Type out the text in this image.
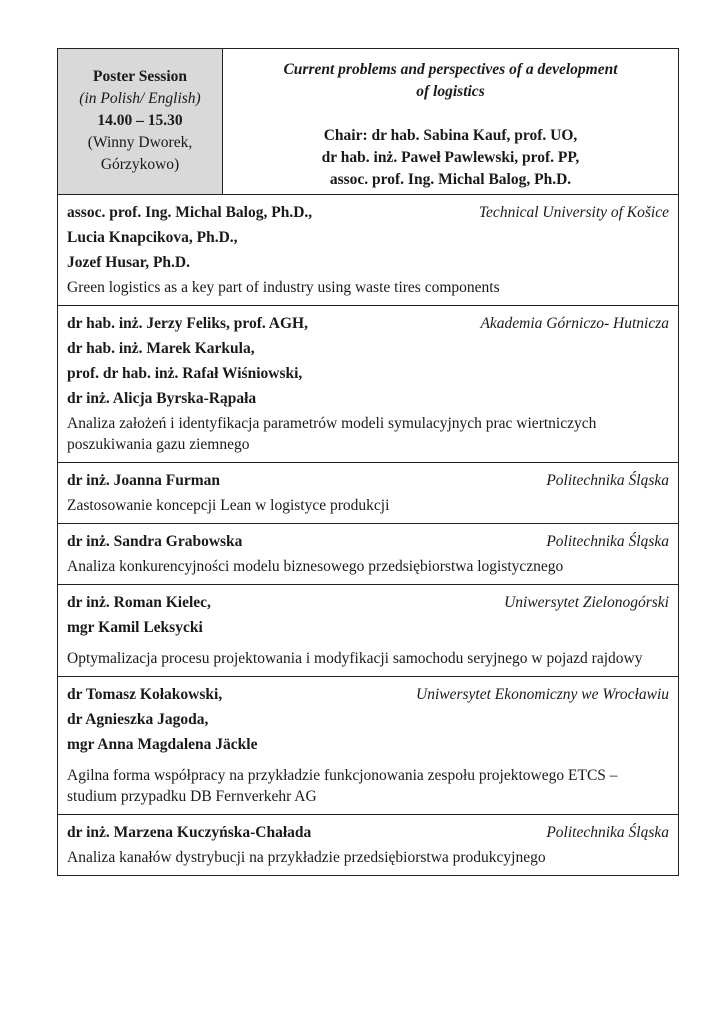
Poster Session
(in Polish/ English)
14.00 – 15.30
(Winny Dworek,
Górzykowo)
Current problems and perspectives of a development
of logistics
Chair: dr hab. Sabina Kauf, prof. UO,
dr hab. inż. Paweł Pawlewski, prof. PP,
assoc. prof. Ing. Michal Balog, Ph.D.
assoc. prof. Ing. Michal Balog, Ph.D.,	Technical University of Košice
Lucia Knapcikova, Ph.D.,
Jozef Husar, Ph.D.
Green logistics as a key part of industry using waste tires components
dr hab. inż. Jerzy Feliks, prof. AGH,	Akademia Górniczo- Hutnicza
dr hab. inż. Marek Karkula,
prof. dr hab. inż. Rafał Wiśniowski,
dr inż. Alicja Byrska-Rąpała
Analiza założeń i identyfikacja parametrów modeli symulacyjnych prac wiertniczych poszukiwania gazu ziemnego
dr inż. Joanna Furman	Politechnika Śląska
Zastosowanie koncepcji Lean w logistyce produkcji
dr inż. Sandra Grabowska	Politechnika Śląska
Analiza konkurencyjności modelu biznesowego przedsiębiorstwa logistycznego
dr inż. Roman Kielec,	Uniwersytet Zielonogórski
mgr Kamil Leksycki
Optymalizacja procesu projektowania i modyfikacji samochodu seryjnego w pojazd rajdowy
dr Tomasz Kołakowski,	Uniwersytet Ekonomiczny we Wrocławiu
dr Agnieszka Jagoda,
mgr Anna Magdalena Jäckle
Agilna forma współpracy na przykładzie funkcjonowania zespołu projektowego ETCS – studium przypadku DB Fernverkehr AG
dr inż. Marzena Kuczyńska-Chałada	Politechnika Śląska
Analiza kanałów dystrybucji na przykładzie przedsiębiorstwa produkcyjnego
